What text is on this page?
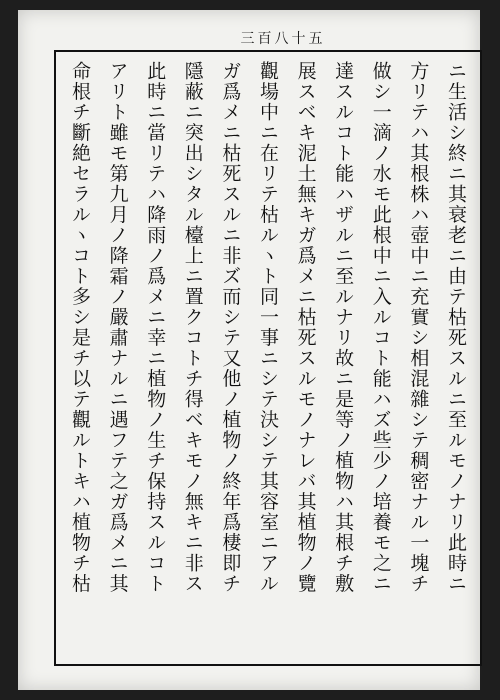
三百八十五
ニ生活シ終ニ其衰老ニ由テ枯死スルニ至ルモノナリ此時ニ
方リテハ其根株ハ壺中ニ充實シ相混雜シテ稠密ナル一塊チ
做シ一滴ノ水モ此根中ニ入ルコト能ハズ些少ノ培養モ之ニ
達スルコト能ハザルニ至ルナリ故ニ是等ノ植物ハ其根チ敷
展スベキ泥土無キガ爲メニ枯死スルモノナレバ其植物ノ覽
觀場中ニ在リテ枯ルヽト同一事ニシテ決シテ其容室ニアル
ガ爲メニ枯死スルニ非ズ而シテ又他ノ植物ノ終年爲棲即チ
隱蔽ニ突出シタル檯上ニ置クコトチ得ベキモノ無キニ非ス
此時ニ當リテハ降雨ノ爲メニ幸ニ植物ノ生チ保持スルコト
アリト雖モ第九月ノ降霜ノ嚴肅ナルニ遇フテ之ガ爲メニ其
命根チ斷絶セラルヽコト多シ是チ以テ觀ルトキハ植物チ枯
